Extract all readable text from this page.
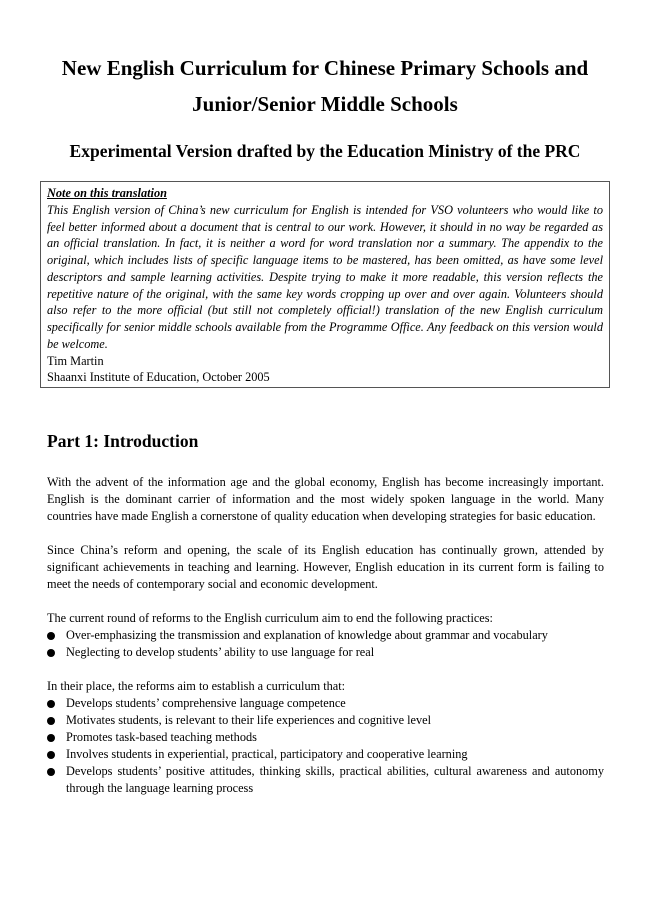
New English Curriculum for Chinese Primary Schools and Junior/Senior Middle Schools
Experimental Version drafted by the Education Ministry of the PRC
Note on this translation
This English version of China’s new curriculum for English is intended for VSO volunteers who would like to feel better informed about a document that is central to our work. However, it should in no way be regarded as an official translation. In fact, it is neither a word for word translation nor a summary. The appendix to the original, which includes lists of specific language items to be mastered, has been omitted, as have some level descriptors and sample learning activities. Despite trying to make it more readable, this version reflects the repetitive nature of the original, with the same key words cropping up over and over again. Volunteers should also refer to the more official (but still not completely official!) translation of the new English curriculum specifically for senior middle schools available from the Programme Office. Any feedback on this version would be welcome.
Tim Martin
Shaanxi Institute of Education, October 2005
Part 1: Introduction

With the advent of the information age and the global economy, English has become increasingly important. English is the dominant carrier of information and the most widely spoken language in the world. Many countries have made English a cornerstone of quality education when developing strategies for basic education.

Since China’s reform and opening, the scale of its English education has continually grown, attended by significant achievements in teaching and learning. However, English education in its current form is failing to meet the needs of contemporary social and economic development.

The current round of reforms to the English curriculum aim to end the following practices:

Over-emphasizing the transmission and explanation of knowledge about grammar and vocabulary
Neglecting to develop students’ ability to use language for real

In their place, the reforms aim to establish a curriculum that:

Develops students’ comprehensive language competence
Motivates students, is relevant to their life experiences and cognitive level
Promotes task-based teaching methods
Involves students in experiential, practical, participatory and cooperative learning
Develops students’ positive attitudes, thinking skills, practical abilities, cultural awareness and autonomy through the language learning process
